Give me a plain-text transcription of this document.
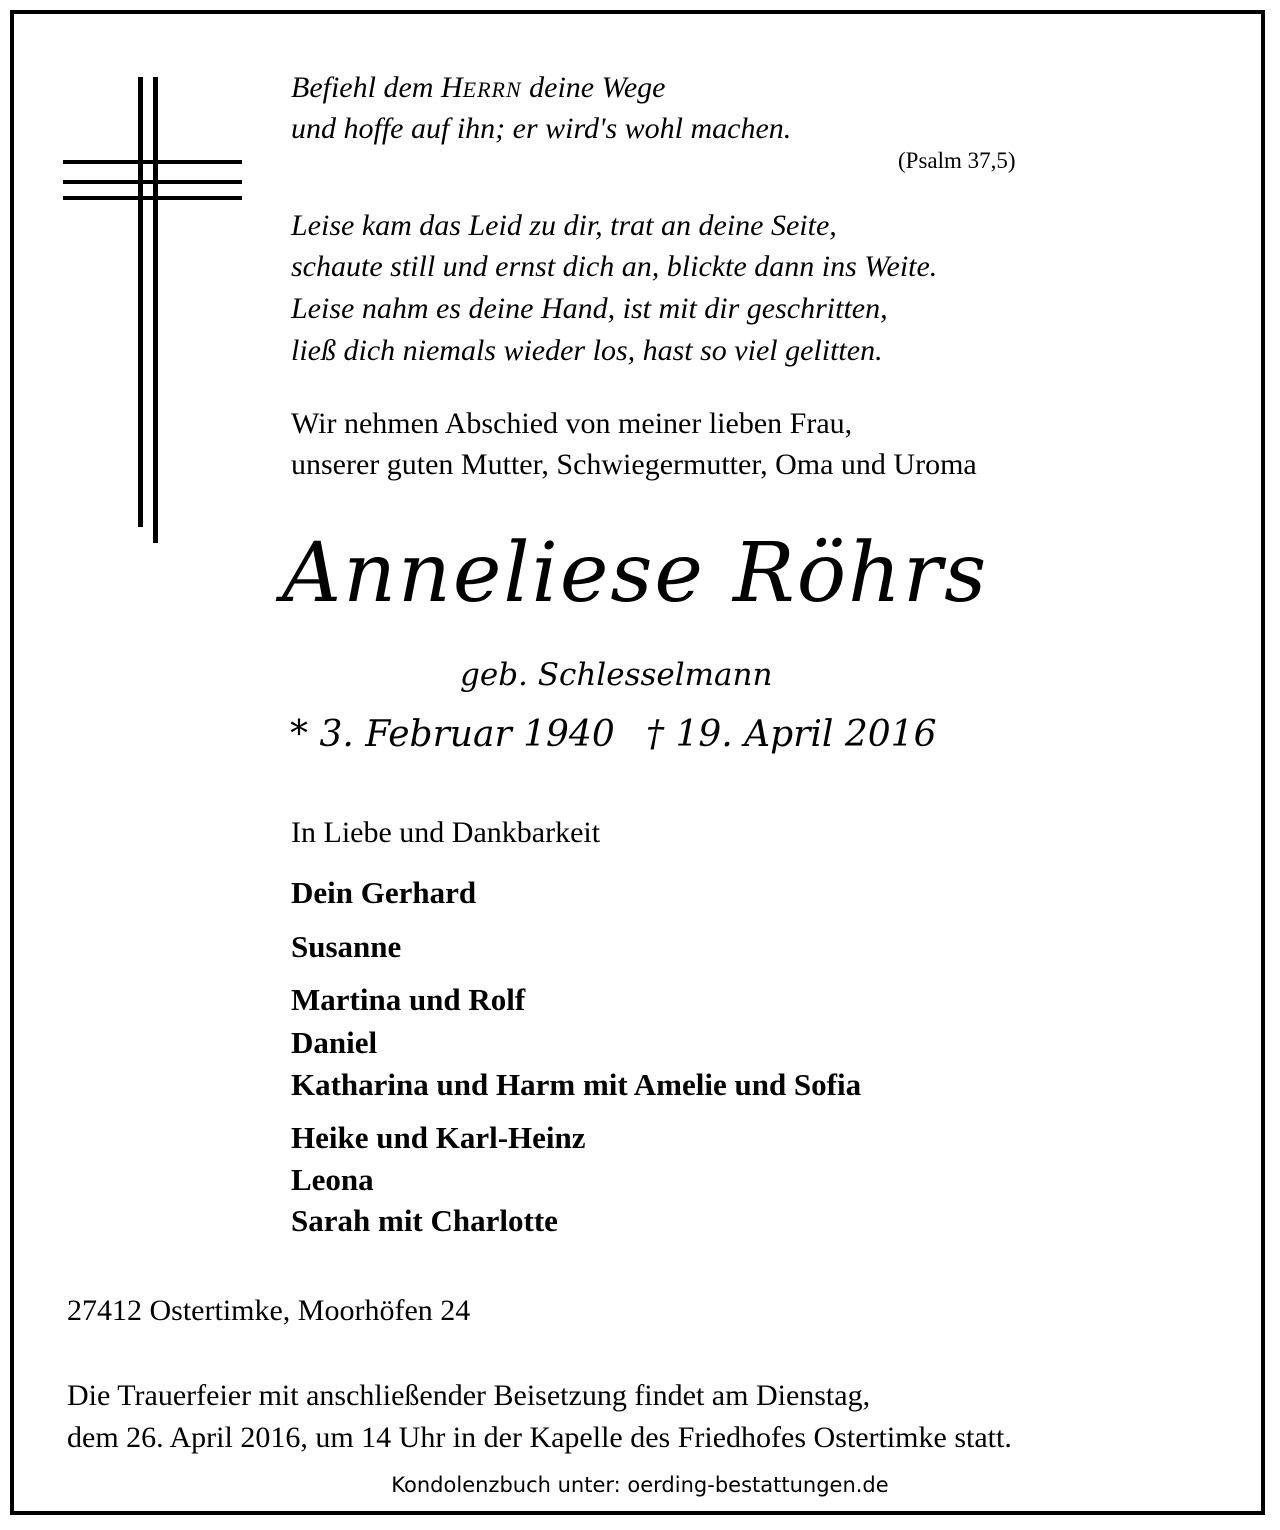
Befiehl dem HERRN deine Wege
und hoffe auf ihn; er wird's wohl machen.
(Psalm 37,5)
Leise kam das Leid zu dir, trat an deine Seite,
schaute still und ernst dich an, blickte dann ins Weite.
Leise nahm es deine Hand, ist mit dir geschritten,
ließ dich niemals wieder los, hast so viel gelitten.
Wir nehmen Abschied von meiner lieben Frau,
unserer guten Mutter, Schwiegermutter, Oma und Uroma
Anneliese Röhrs
geb. Schlesselmann
* 3. Februar 1940 † 19. April 2016
In Liebe und Dankbarkeit
Dein Gerhard
Susanne
Martina und Rolf
Daniel
Katharina und Harm mit Amelie und Sofia
Heike und Karl-Heinz
Leona
Sarah mit Charlotte
27412 Ostertimke, Moorhöfen 24
Die Trauerfeier mit anschließender Beisetzung findet am Dienstag,
dem 26. April 2016, um 14 Uhr in der Kapelle des Friedhofes Ostertimke statt.
Kondolenzbuch unter: oerding-bestattungen.de
